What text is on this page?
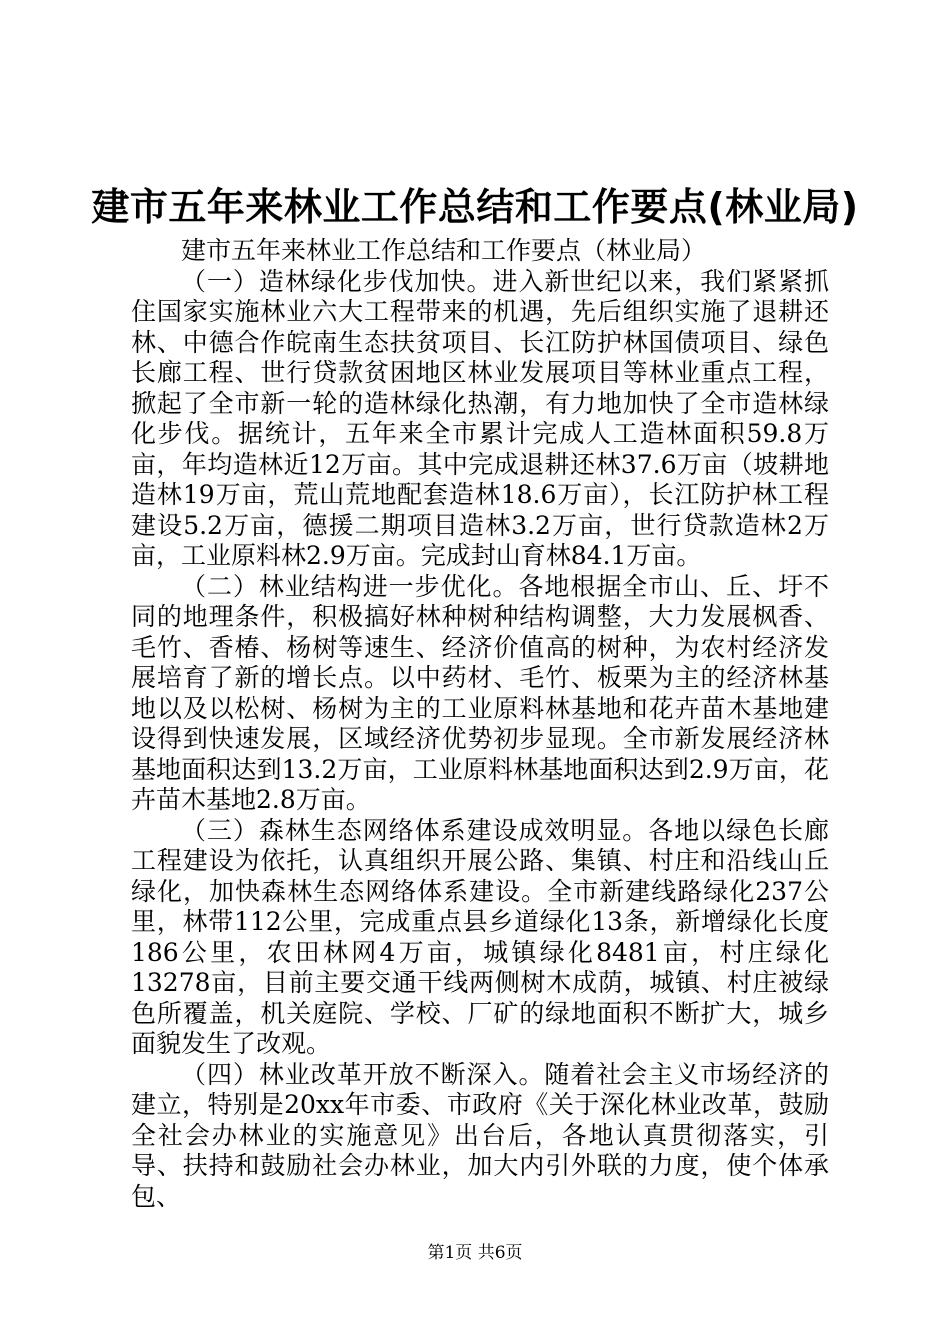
建市五年来林业工作总结和工作要点(林业局)

建市五年来林业工作总结和工作要点（林业局）

（一）造林绿化步伐加快。进入新世纪以来，我们紧紧抓住国家实施林业六大工程带来的机遇，先后组织实施了退耕还林、中德合作皖南生态扶贫项目、长江防护林国债项目、绿色长廊工程、世行贷款贫困地区林业发展项目等林业重点工程，掀起了全市新一轮的造林绿化热潮，有力地加快了全市造林绿化步伐。据统计，五年来全市累计完成人工造林面积59.8万亩，年均造林近12万亩。其中完成退耕还林37.6万亩（坡耕地造林19万亩，荒山荒地配套造林18.6万亩），长江防护林工程建设5.2万亩，德援二期项目造林3.2万亩，世行贷款造林2万亩，工业原料林2.9万亩。完成封山育林84.1万亩。

（二）林业结构进一步优化。各地根据全市山、丘、圩不同的地理条件，积极搞好林种树种结构调整，大力发展枫香、毛竹、香椿、杨树等速生、经济价值高的树种，为农村经济发展培育了新的增长点。以中药材、毛竹、板栗为主的经济林基地以及以松树、杨树为主的工业原料林基地和花卉苗木基地建设得到快速发展，区域经济优势初步显现。全市新发展经济林基地面积达到13.2万亩，工业原料林基地面积达到2.9万亩，花卉苗木基地2.8万亩。

（三）森林生态网络体系建设成效明显。各地以绿色长廊工程建设为依托，认真组织开展公路、集镇、村庄和沿线山丘绿化，加快森林生态网络体系建设。全市新建线路绿化237公里，林带112公里，完成重点县乡道绿化13条，新增绿化长度186公里，农田林网4万亩，城镇绿化8481亩，村庄绿化13278亩，目前主要交通干线两侧树木成荫，城镇、村庄被绿色所覆盖，机关庭院、学校、厂矿的绿地面积不断扩大，城乡面貌发生了改观。

（四）林业改革开放不断深入。随着社会主义市场经济的建立，特别是20xx年市委、市政府《关于深化林业改革，鼓励全社会办林业的实施意见》出台后，各地认真贯彻落实，引导、扶持和鼓励社会办林业，加大内引外联的力度，使个体承包、

第1页 共6页
